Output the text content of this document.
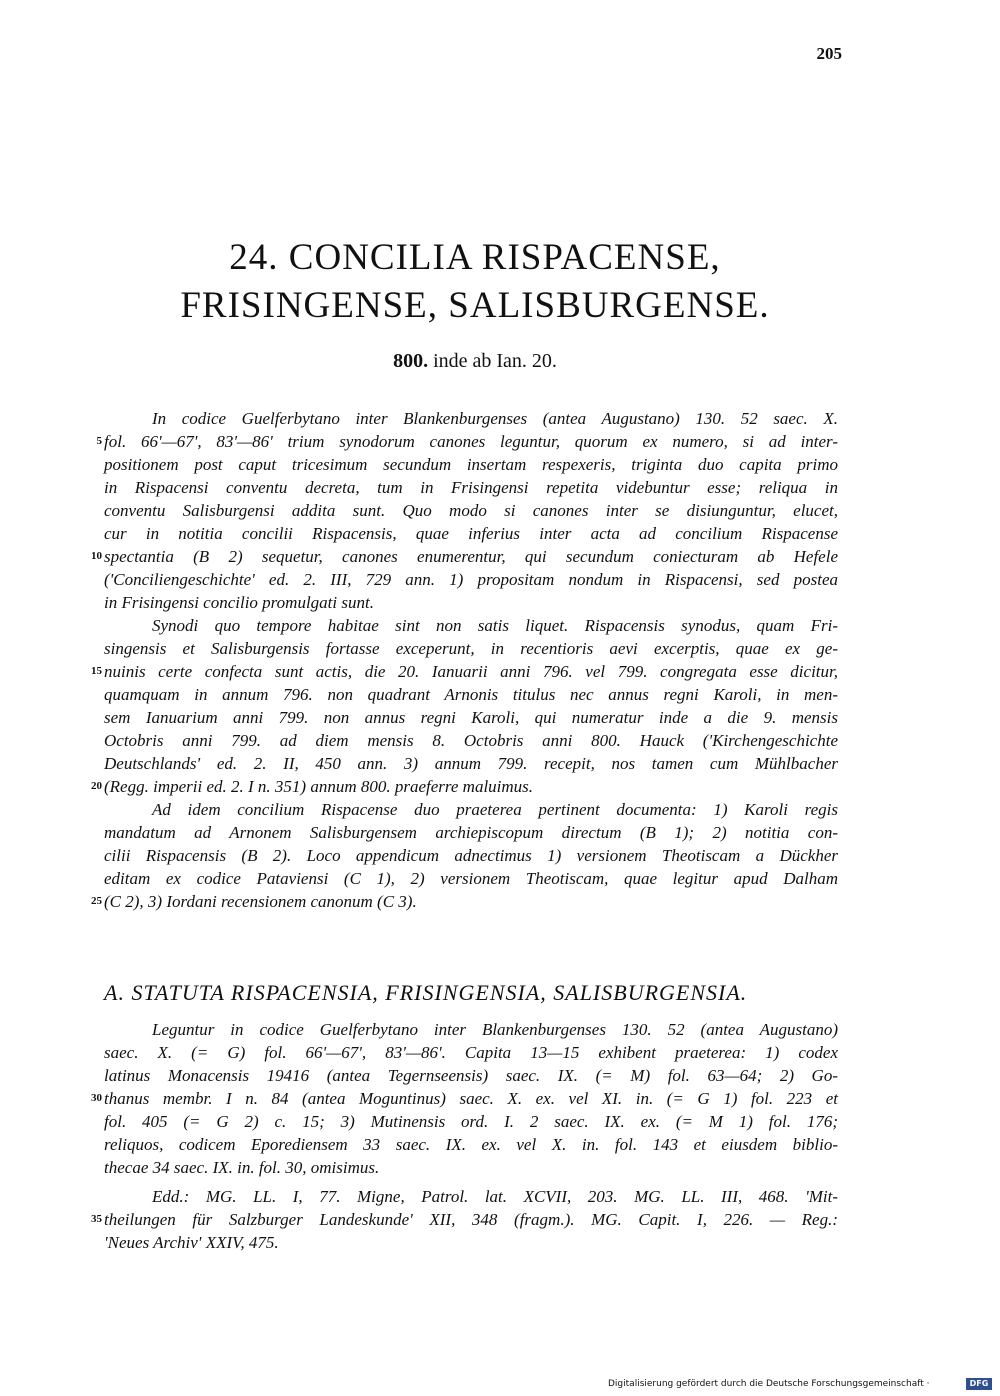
205
24. CONCILIA RISPACENSE,
FRISINGENSE, SALISBURGENSE.
800. inde ab Ian. 20.
In codice Guelferbytano inter Blankenburgenses (antea Augustano) 130. 52 saec. X.
fol. 66'—67', 83'—86' trium synodorum canones leguntur, quorum ex numero, si ad inter-
positionem post caput tricesimum secundum insertam respexeris, triginta duo capita primo
in Rispacensi conventu decreta, tum in Frisingensi repetita videbuntur esse; reliqua in
conventu Salisburgensi addita sunt. Quo modo si canones inter se disiunguntur, elucet,
cur in notitia concilii Rispacensis, quae inferius inter acta ad concilium Rispacense
spectantia (B 2) sequetur, canones enumerentur, qui secundum coniecturam ab Hefele
('Conciliengeschichte' ed. 2. III, 729 ann. 1) propositam nondum in Rispacensi, sed postea
in Frisingensi concilio promulgati sunt.
Synodi quo tempore habitae sint non satis liquet. Rispacensis synodus, quam Fri-
singensis et Salisburgensis fortasse exceperunt, in recentioris aevi excerptis, quae ex ge-
nuinis certe confecta sunt actis, die 20. Ianuarii anni 796. vel 799. congregata esse dicitur,
quamquam in annum 796. non quadrant Arnonis titulus nec annus regni Karoli, in men-
sem Ianuarium anni 799. non annus regni Karoli, qui numeratur inde a die 9. mensis
Octobris anni 799. ad diem mensis 8. Octobris anni 800. Hauck ('Kirchengeschichte
Deutschlands' ed. 2. II, 450 ann. 3) annum 799. recepit, nos tamen cum Mühlbacher
(Regg. imperii ed. 2. I n. 351) annum 800. praeferre maluimus.
Ad idem concilium Rispacense duo praeterea pertinent documenta: 1) Karoli regis
mandatum ad Arnonem Salisburgensem archiepiscopum directum (B 1); 2) notitia con-
cilii Rispacensis (B 2). Loco appendicum adnectimus 1) versionem Theotiscam a Dückher
editam ex codice Pataviensi (C 1), 2) versionem Theotiscam, quae legitur apud Dalham
(C 2), 3) Iordani recensionem canonum (C 3).
A. STATUTA RISPACENSIA, FRISINGENSIA, SALISBURGENSIA.
Leguntur in codice Guelferbytano inter Blankenburgenses 130. 52 (antea Augustano)
saec. X. (= G) fol. 66'—67', 83'—86'. Capita 13—15 exhibent praeterea: 1) codex
latinus Monacensis 19416 (antea Tegernseensis) saec. IX. (= M) fol. 63—64; 2) Go-
thanus membr. I n. 84 (antea Moguntinus) saec. X. ex. vel XI. in. (= G 1) fol. 223 et
fol. 405 (= G 2) c. 15; 3) Mutinensis ord. I. 2 saec. IX. ex. (= M 1) fol. 176;
reliquos, codicem Eporediensem 33 saec. IX. ex. vel X. in. fol. 143 et eiusdem biblio-
thecae 34 saec. IX. in. fol. 30, omisimus.
Edd.: MG. LL. I, 77. Migne, Patrol. lat. XCVII, 203. MG. LL. III, 468. 'Mit-
theilungen für Salzburger Landeskunde' XII, 348 (fragm.). MG. Capit. I, 226. — Reg.:
'Neues Archiv' XXIV, 475.
5
10
15
20
25
30
35
Digitalisierung gefördert durch die Deutsche Forschungsgemeinschaft ·	DFG
